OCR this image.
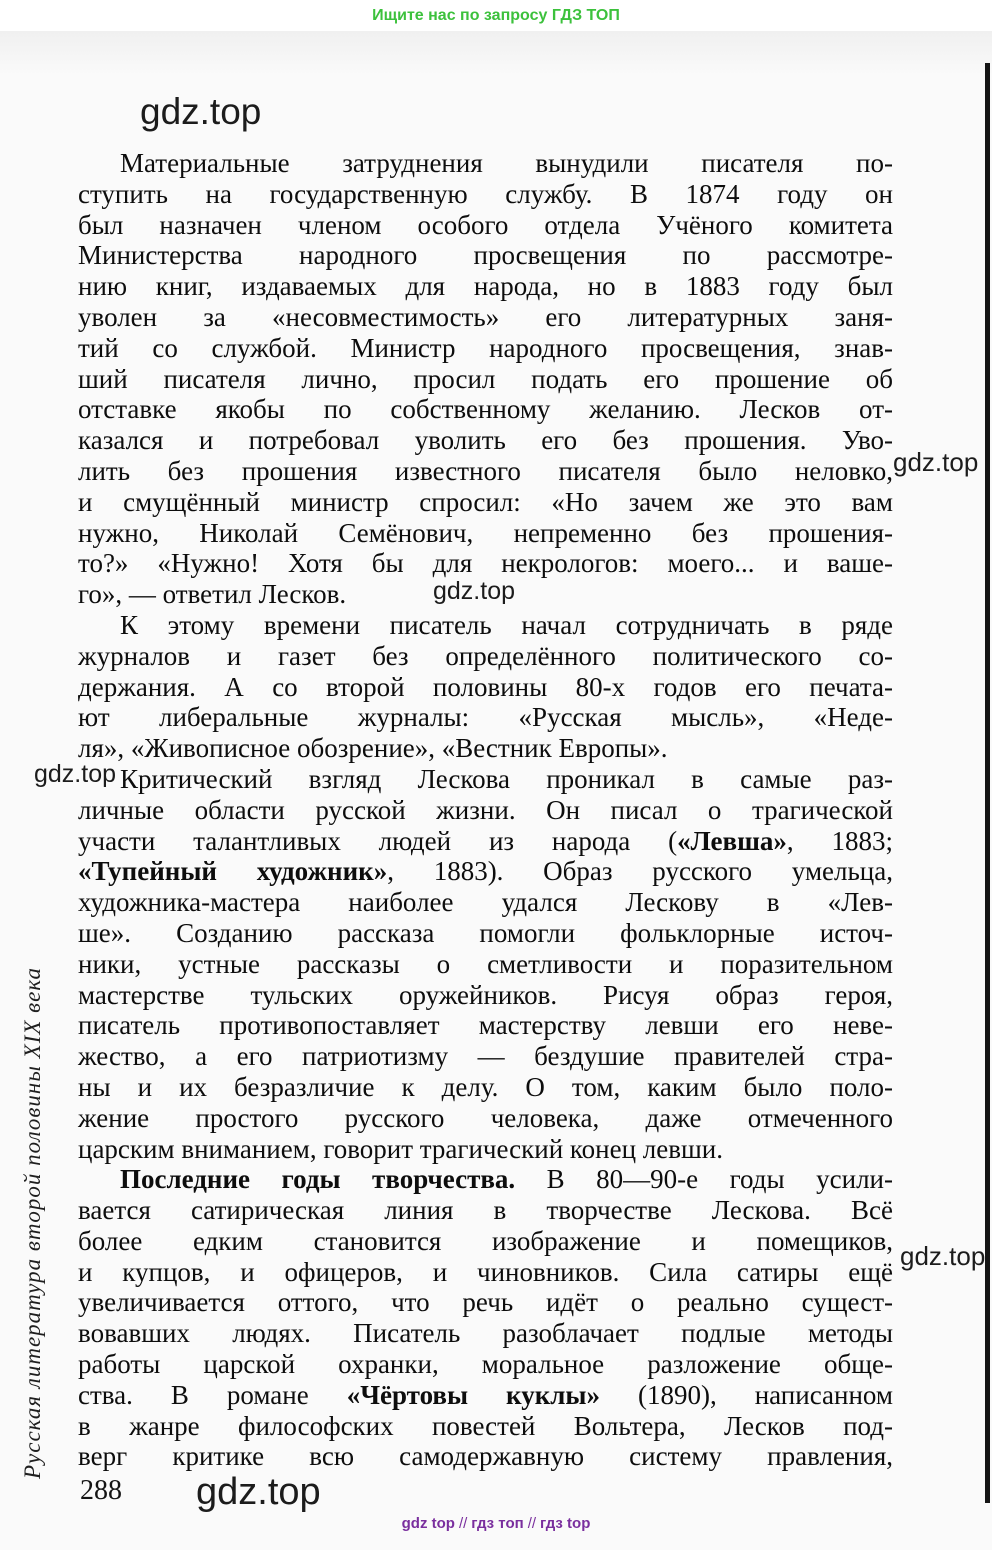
Ищите нас по запросу ГДЗ ТОП
gdz.top
gdz.top
gdz.top
gdz.top
gdz.top
gdz.top
Материальные затруднения вынудили писателя по-
ступить на государственную службу. В 1874 году он
был назначен членом особого отдела Учёного комитета
Министерства народного просвещения по рассмотре-
нию книг, издаваемых для народа, но в 1883 году был
уволен за «несовместимость» его литературных заня-
тий со службой. Министр народного просвещения, знав-
ший писателя лично, просил подать его прошение об
отставке якобы по собственному желанию. Лесков от-
казался и потребовал уволить его без прошения. Уво-
лить без прошения известного писателя было неловко,
и смущённый министр спросил: «Но зачем же это вам
нужно, Николай Семёнович, непременно без прошения-
то?» «Нужно! Хотя бы для некрологов: моего... и ваше-
го», — ответил Лесков.
К этому времени писатель начал сотрудничать в ряде
журналов и газет без определённого политического со-
держания. А со второй половины 80-х годов его печата-
ют либеральные журналы: «Русская мысль», «Неде-
ля», «Живописное обозрение», «Вестник Европы».
Критический взгляд Лескова проникал в самые раз-
личные области русской жизни. Он писал о трагической
участи талантливых людей из народа («Левша», 1883;
«Тупейный художник», 1883). Образ русского умельца,
художника-мастера наиболее удался Лескову в «Лев-
ше». Созданию рассказа помогли фольклорные источ-
ники, устные рассказы о сметливости и поразительном
мастерстве тульских оружейников. Рисуя образ героя,
писатель противопоставляет мастерству левши его неве-
жество, а его патриотизму — бездушие правителей стра-
ны и их безразличие к делу. О том, каким было поло-
жение простого русского человека, даже отмеченного
царским вниманием, говорит трагический конец левши.
Последние годы творчества. В 80—90-е годы усили-
вается сатирическая линия в творчестве Лескова. Всё
более едким становится изображение и помещиков,
и купцов, и офицеров, и чиновников. Сила сатиры ещё
увеличивается оттого, что речь идёт о реально сущест-
вовавших людях. Писатель разоблачает подлые методы
работы царской охранки, моральное разложение обще-
ства. В романе «Чёртовы куклы» (1890), написанном
в жанре философских повестей Вольтера, Лесков под-
верг критике всю самодержавную систему правления,
Русская литература второй половины XIX века
288
gdz top // гдз топ // гдз top
